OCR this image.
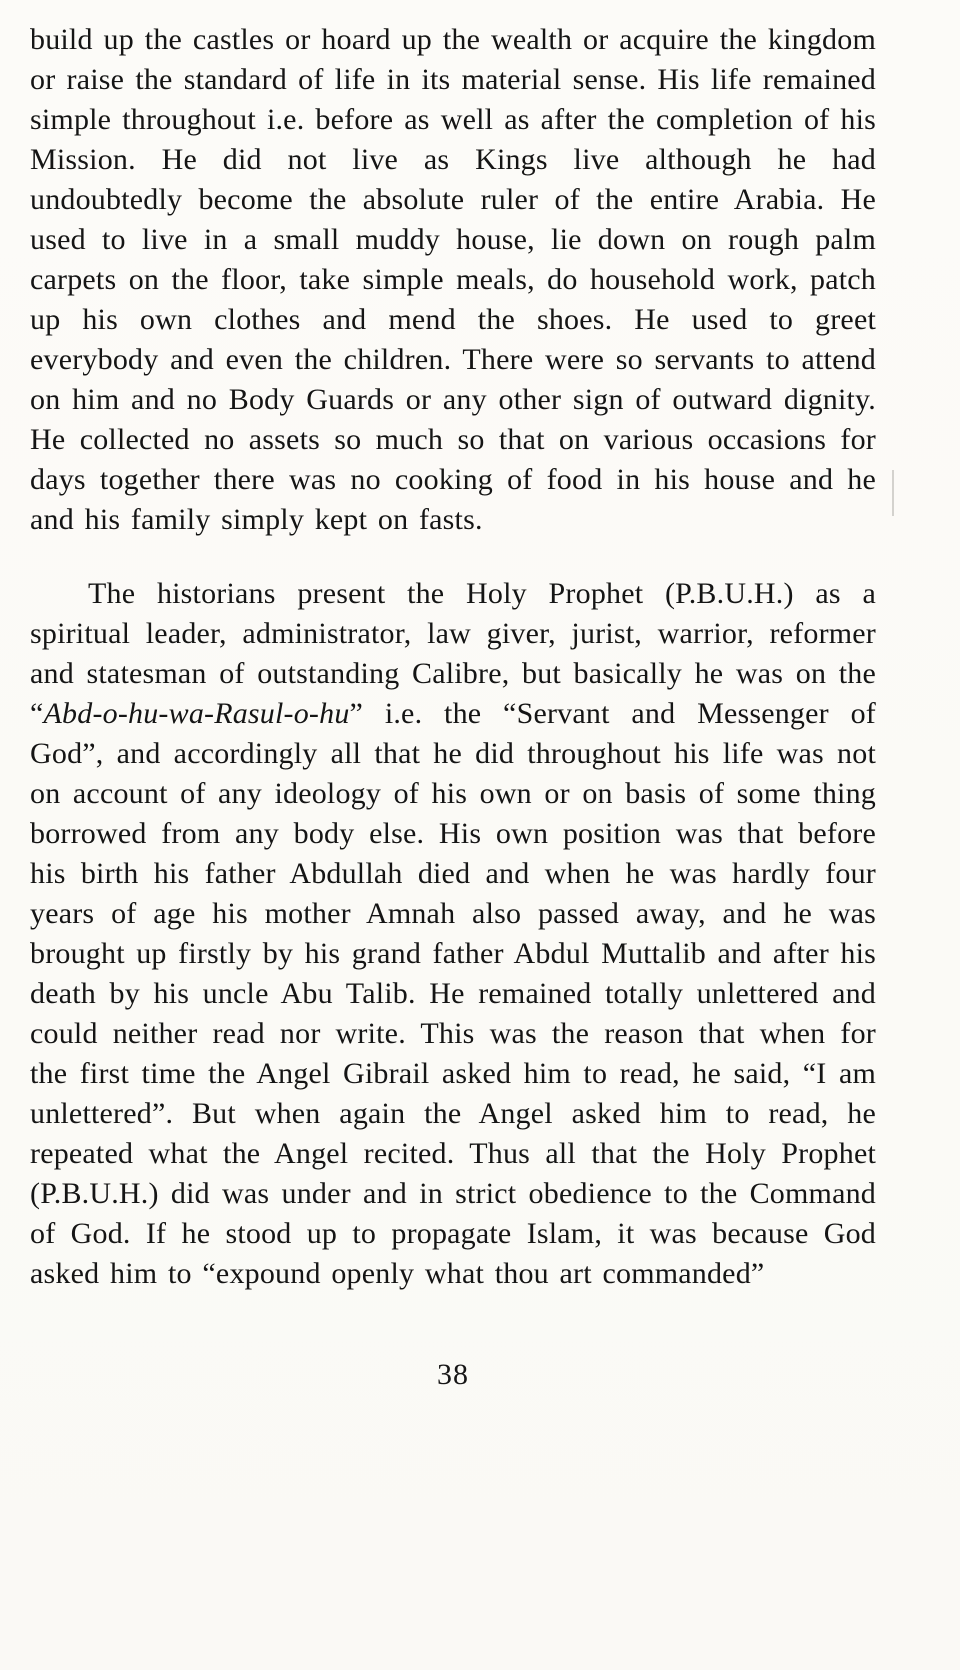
build up the castles or hoard up the wealth or acquire the kingdom or raise the standard of life in its material sense. His life remained simple throughout i.e. before as well as after the completion of his Mission. He did not live as Kings live although he had undoubtedly become the absolute ruler of the entire Arabia. He used to live in a small muddy house, lie down on rough palm carpets on the floor, take simple meals, do household work, patch up his own clothes and mend the shoes. He used to greet everybody and even the children. There were so servants to attend on him and no Body Guards or any other sign of outward dignity. He collected no assets so much so that on various occasions for days together there was no cooking of food in his house and he and his family simply kept on fasts.

The historians present the Holy Prophet (P.B.U.H.) as a spiritual leader, administrator, law giver, jurist, warrior, reformer and statesman of outstanding Calibre, but basically he was on the “Abd-o-hu-wa-Rasul-o-hu” i.e. the “Servant and Messenger of God”, and accordingly all that he did throughout his life was not on account of any ideology of his own or on basis of some thing borrowed from any body else. His own position was that before his birth his father Abdullah died and when he was hardly four years of age his mother Amnah also passed away, and he was brought up firstly by his grand father Abdul Muttalib and after his death by his uncle Abu Talib. He remained totally unlettered and could neither read nor write. This was the reason that when for the first time the Angel Gibrail asked him to read, he said, “I am unlettered”. But when again the Angel asked him to read, he repeated what the Angel recited. Thus all that the Holy Prophet (P.B.U.H.) did was under and in strict obedience to the Command of God. If he stood up to propagate Islam, it was because God asked him to “expound openly what thou art commanded”

38
